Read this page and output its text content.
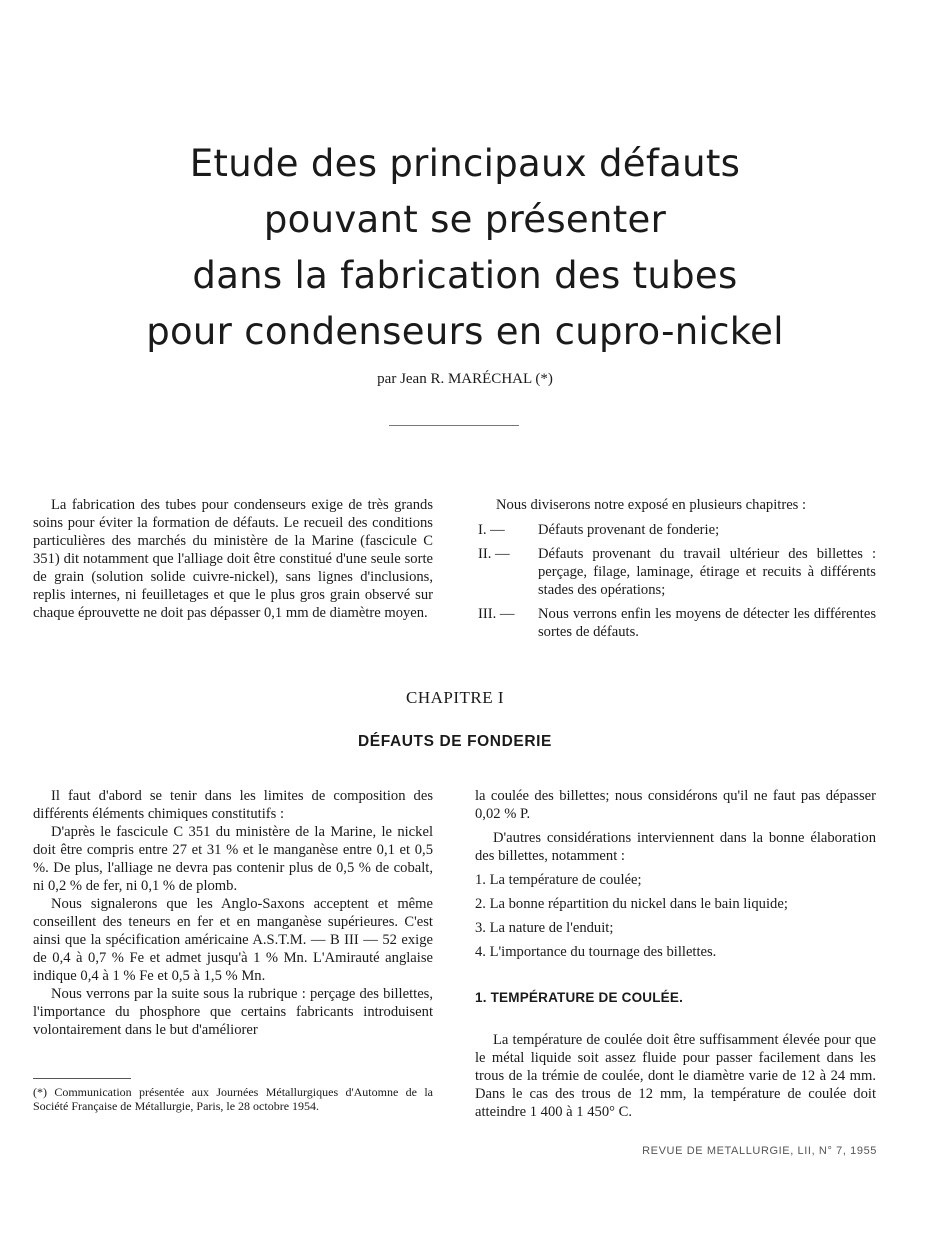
Etude des principaux défauts
pouvant se présenter
dans la fabrication des tubes
pour condenseurs en cupro-nickel
par Jean R. MARÉCHAL (*)

La fabrication des tubes pour condenseurs exige de très grands soins pour éviter la formation de défauts. Le recueil des conditions particulières des marchés du ministère de la Marine (fascicule C 351) dit notamment que l'alliage doit être constitué d'une seule sorte de grain (solution solide cuivre-nickel), sans lignes d'inclusions, replis internes, ni feuilletages et que le plus gros grain observé sur chaque éprouvette ne doit pas dépasser 0,1 mm de diamètre moyen.

Nous diviserons notre exposé en plusieurs chapitres :

I. —	Défauts provenant de fonderie;
II. —	Défauts provenant du travail ultérieur des billettes : perçage, filage, laminage, étirage et recuits à différents stades des opérations;
III. —	Nous verrons enfin les moyens de détecter les différentes sortes de défauts.
CHAPITRE I
DÉFAUTS DE FONDERIE

Il faut d'abord se tenir dans les limites de composition des différents éléments chimiques constitutifs :

D'après le fascicule C 351 du ministère de la Marine, le nickel doit être compris entre 27 et 31 % et le manganèse entre 0,1 et 0,5 %. De plus, l'alliage ne devra pas contenir plus de 0,5 % de cobalt, ni 0,2 % de fer, ni 0,1 % de plomb.

Nous signalerons que les Anglo-Saxons acceptent et même conseillent des teneurs en fer et en manganèse supérieures. C'est ainsi que la spécification américaine A.S.T.M. — B III — 52 exige de 0,4 à 0,7 % Fe et admet jusqu'à 1 % Mn. L'Amirauté anglaise indique 0,4 à 1 % Fe et 0,5 à 1,5 % Mn.

Nous verrons par la suite sous la rubrique : perçage des billettes, l'importance du phosphore que certains fabricants introduisent volontairement dans le but d'améliorer

la coulée des billettes; nous considérons qu'il ne faut pas dépasser 0,02 % P.

D'autres considérations interviennent dans la bonne élaboration des billettes, notamment :

1. La température de coulée;
2. La bonne répartition du nickel dans le bain liquide;
3. La nature de l'enduit;
4. L'importance du tournage des billettes.
1. TEMPÉRATURE DE COULÉE.

La température de coulée doit être suffisamment élevée pour que le métal liquide soit assez fluide pour passer facilement dans les trous de la trémie de coulée, dont le diamètre varie de 12 à 24 mm. Dans le cas des trous de 12 mm, la température de coulée doit atteindre 1 400 à 1 450° C.

(*) Communication présentée aux Journées Métallurgiques d'Automne de la Société Française de Métallurgie, Paris, le 28 octobre 1954.
REVUE DE METALLURGIE, LII, N° 7, 1955
